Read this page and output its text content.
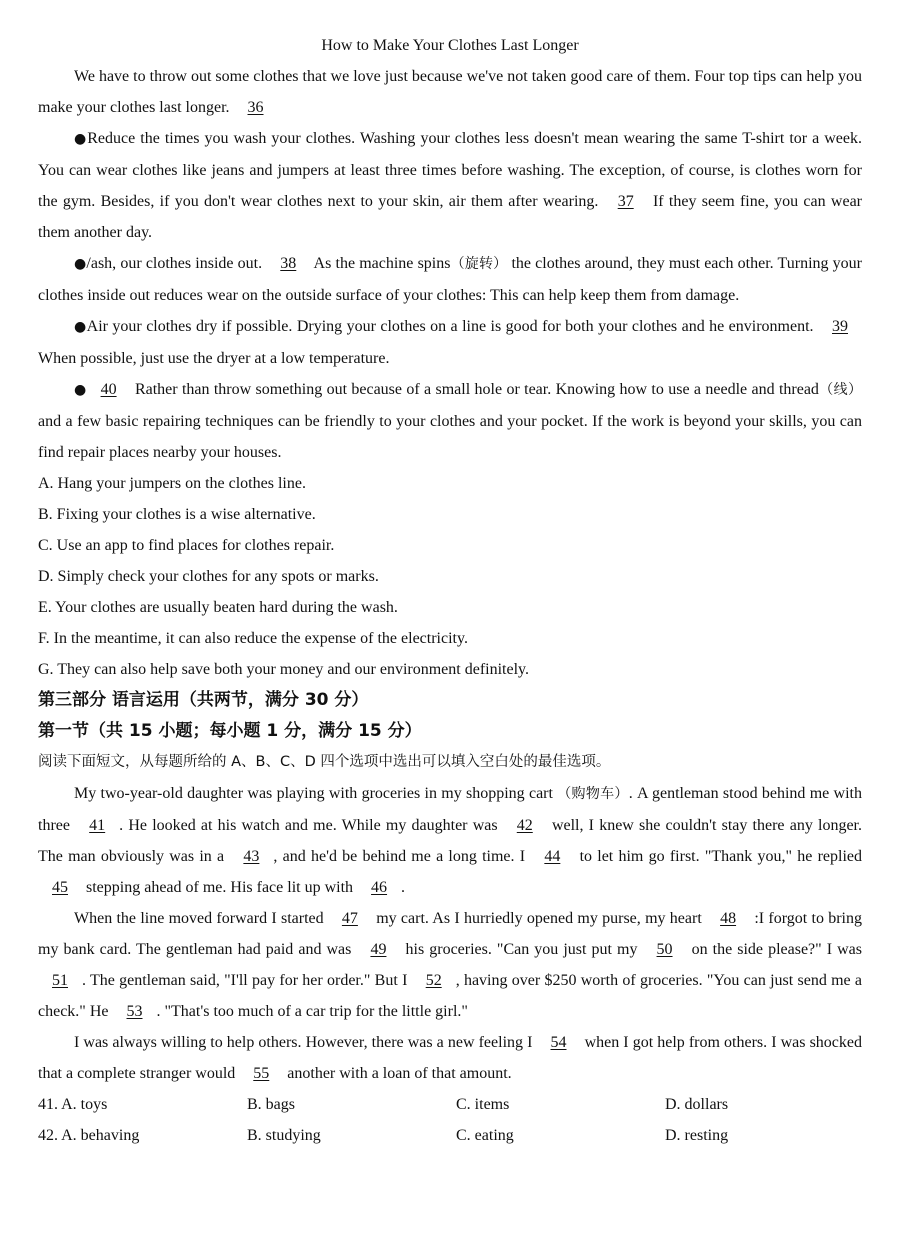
How to Make Your Clothes Last Longer

We have to throw out some clothes that we love just because we've not taken good care of them. Four top tips can help you make your clothes last longer. 36

●Reduce the times you wash your clothes. Washing your clothes less doesn't mean wearing the same T-shirt tor a week. You can wear clothes like jeans and jumpers at least three times before washing. The exception, of course, is clothes worn for the gym. Besides, if you don't wear clothes next to your skin, air them after wearing. 37 If they seem fine, you can wear them another day.

●/ash, our clothes inside out. 38 As the machine spins（旋转） the clothes around, they must each other. Turning your clothes inside out reduces wear on the outside surface of your clothes: This can help keep them from damage.

●Air your clothes dry if possible. Drying your clothes on a line is good for both your clothes and he environment. 39 When possible, just use the dryer at a low temperature.

● 40 Rather than throw something out because of a small hole or tear. Knowing how to use a needle and thread（线） and a few basic repairing techniques can be friendly to your clothes and your pocket. If the work is beyond your skills, you can find repair places nearby your houses.

A. Hang your jumpers on the clothes line.
B. Fixing your clothes is a wise alternative.
C. Use an app to find places for clothes repair.
D. Simply check your clothes for any spots or marks.
E. Your clothes are usually beaten hard during the wash.
F. In the meantime, it can also reduce the expense of the electricity.
G. They can also help save both your money and our environment definitely.
第三部分 语言运用（共两节，满分 30 分）
第一节（共 15 小题；每小题 1 分，满分 15 分）
阅读下面短文，从每题所给的 A、B、C、D 四个选项中选出可以填入空白处的最佳选项。

My two-year-old daughter was playing with groceries in my shopping cart （购物车）. A gentleman stood behind me with three 41 . He looked at his watch and me. While my daughter was 42 well, I knew she couldn't stay there any longer. The man obviously was in a 43 , and he'd be behind me a long time. I 44 to let him go first. "Thank you," he replied 45 stepping ahead of me. His face lit up with 46 .

When the line moved forward I started 47 my cart. As I hurriedly opened my purse, my heart 48 :I forgot to bring my bank card. The gentleman had paid and was 49 his groceries. "Can you just put my 50 on the side please?" I was 51 . The gentleman said, "I'll pay for her order." But I 52 , having over $250 worth of groceries. "You can just send me a check." He 53 . "That's too much of a car trip for the little girl."

I was always willing to help others. However, there was a new feeling I 54 when I got help from others. I was shocked that a complete stranger would 55 another with a loan of that amount.

41. A. toys	B. bags	C. items	D. dollars
42. A. behaving	B. studying	C. eating	D. resting
